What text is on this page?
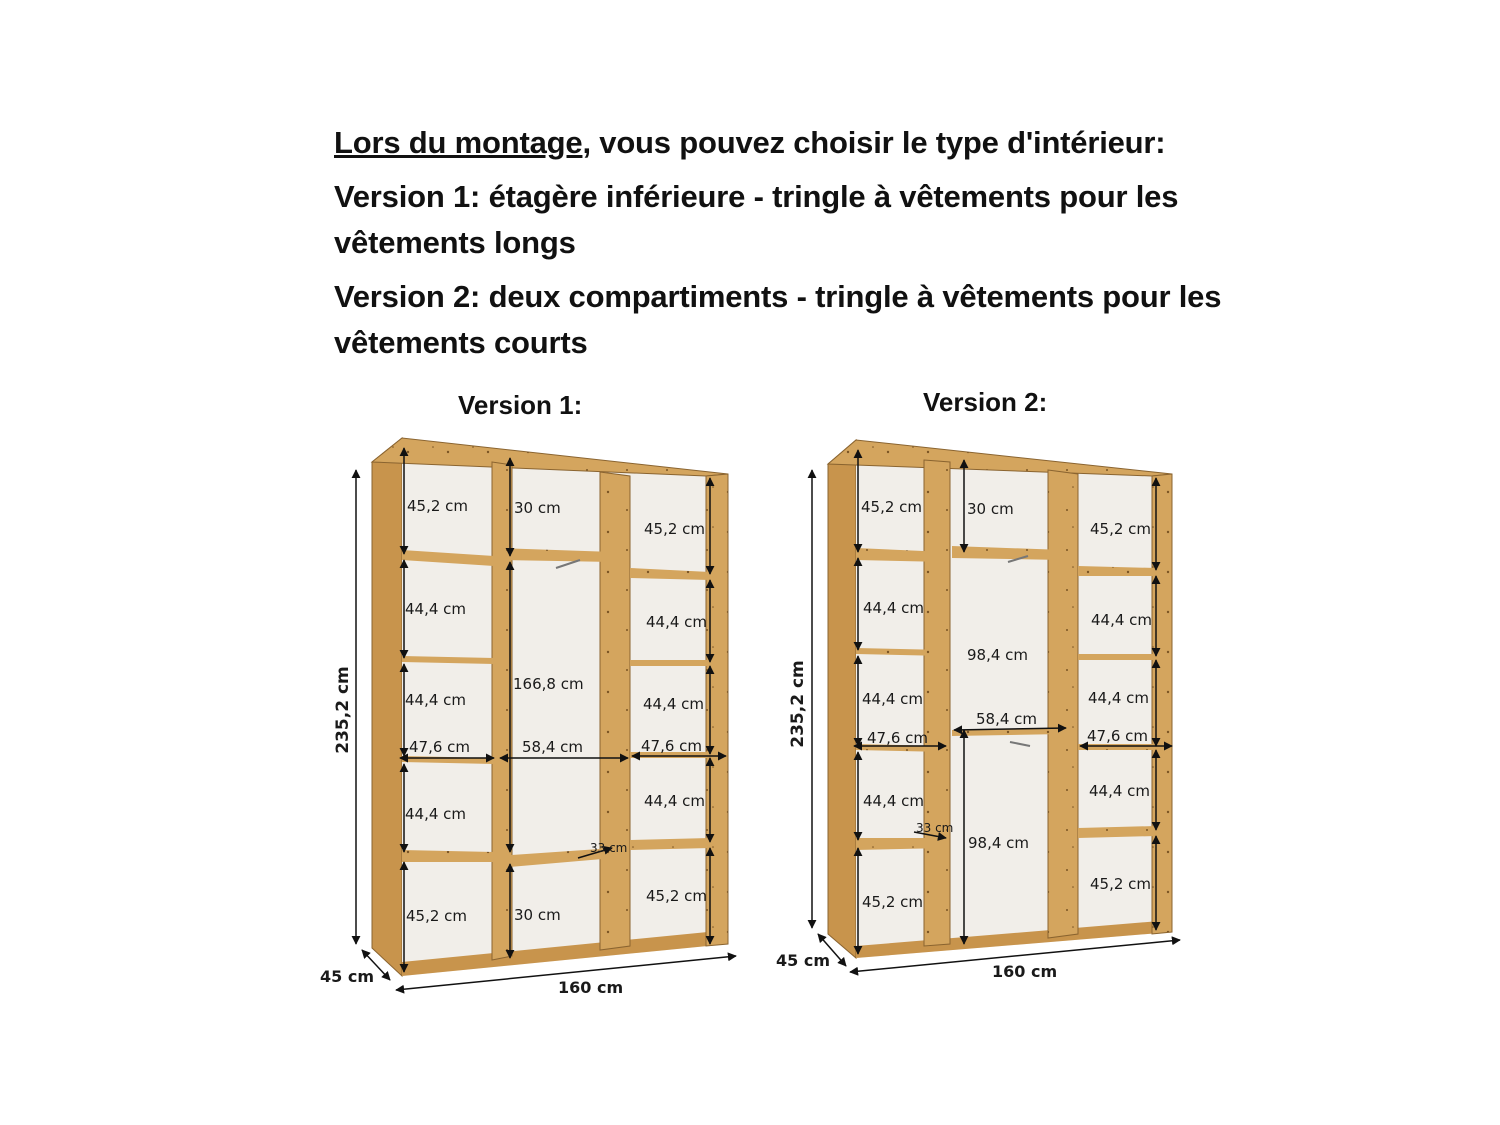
Lors du montage, vous pouvez choisir le type d'intérieur:

Version 1: étagère inférieure - tringle à vêtements pour les vêtements longs

Version 2: deux compartiments - tringle à vêtements pour les vêtements courts

Version 1:	Version 2:
235,2 cm
45 cm
160 cm
45,2 cm
44,4 cm
44,4 cm
47,6 cm
44,4 cm
45,2 cm
30 cm
166,8 cm
58,4 cm
33 cm
30 cm
45,2 cm
44,4 cm
44,4 cm
47,6 cm
44,4 cm
45,2 cm
235,2 cm
45 cm
160 cm
45,2 cm
44,4 cm
44,4 cm
47,6 cm
44,4 cm
33 cm
45,2 cm
30 cm
98,4 cm
58,4 cm
98,4 cm
45,2 cm
44,4 cm
44,4 cm
47,6 cm
44,4 cm
45,2 cm
